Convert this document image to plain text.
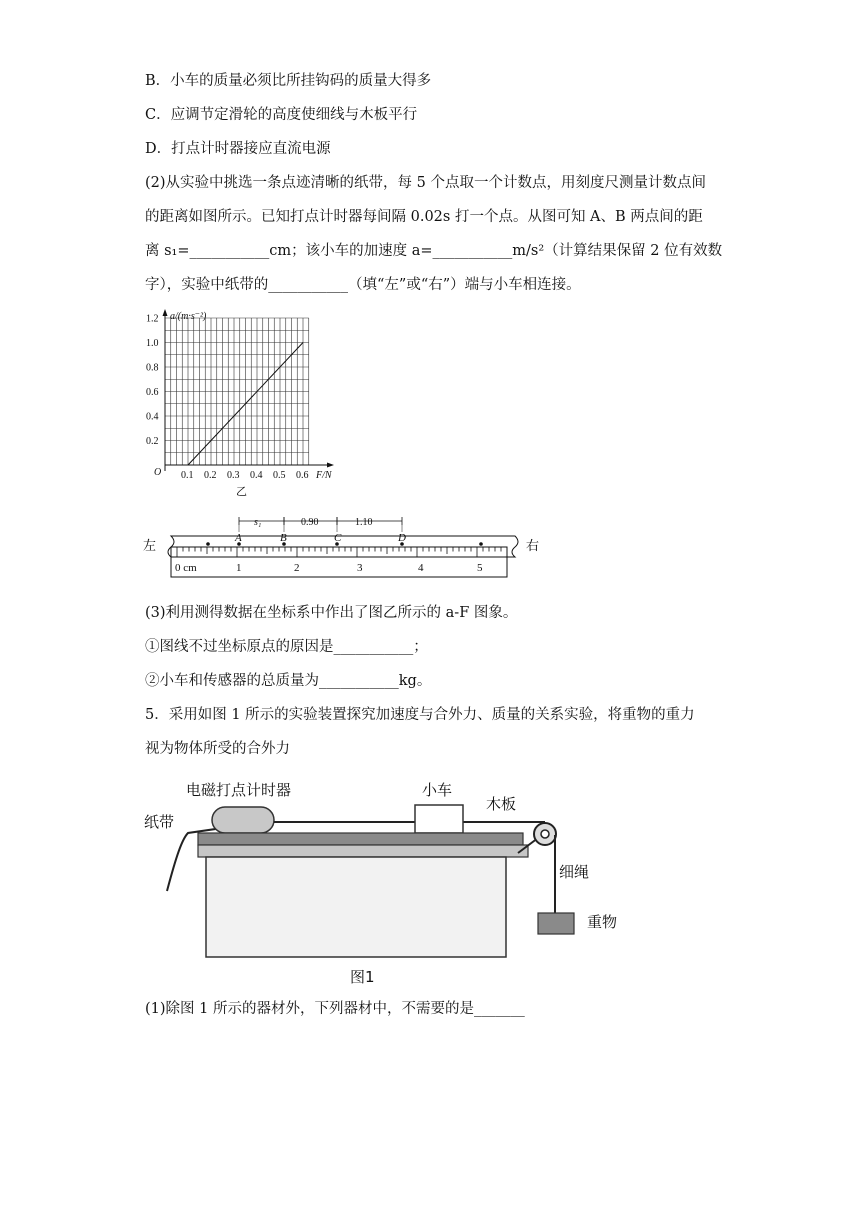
B．小车的质量必须比所挂钩码的质量大得多
C．应调节定滑轮的高度使细线与木板平行
D．打点计时器接应直流电源
(2)从实验中挑选一条点迹清晰的纸带，每 5 个点取一个计数点，用刻度尺测量计数点间
的距离如图所示。已知打点计时器每间隔 0.02s 打一个点。从图可知 A、B 两点间的距
离 s₁=___________cm；该小车的加速度 a=___________m/s²（计算结果保留 2 位有效数
字），实验中纸带的___________（填“左”或“右”）端与小车相连接。
0.1 0.2 0.3 0.4 0.5 0.6
0.2
0.4
0.6
0.8
1.0
1.2 a/(m·s⁻²)
F/N
O
乙
左	右
0 cm	1	2	3	4	5
A	B	C	D
s₁	0.90	1.10
(3)利用测得数据在坐标系中作出了图乙所示的 a-F 图象。
①图线不过坐标原点的原因是___________；
②小车和传感器的总质量为___________kg。
5．采用如图 1 所示的实验装置探究加速度与合外力、质量的关系实验，将重物的重力
视为物体所受的合外力
电磁打点计时器
纸带
小车
木板
细绳
重物
图1
(1)除图 1 所示的器材外，下列器材中，不需要的是_______
